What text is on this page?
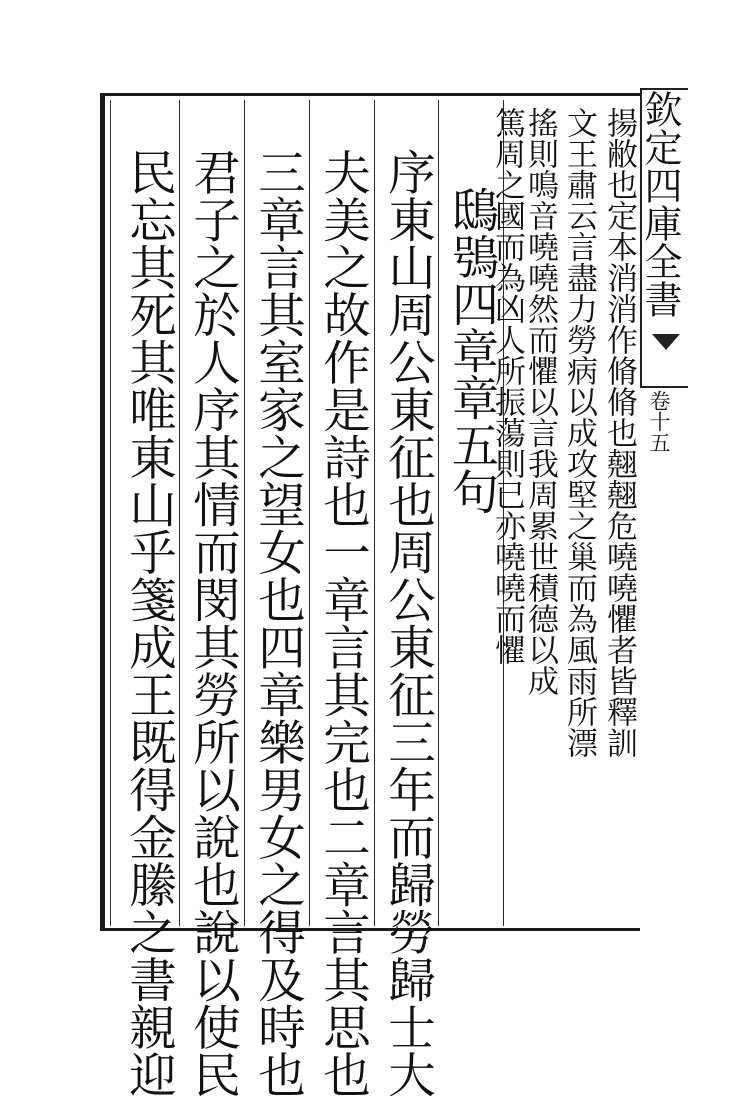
欽定四庫全書
卷十五
揚敝也定本消消作脩脩也翹翹危嘵嘵懼者皆釋訓
文王肅云言盡力勞病以成攻堅之巢而為風雨所漂
搖則鳴音嘵嘵然而懼以言我周累世積德以成
篤周之國而為凶人所振蕩則已亦嘵嘵而懼
鴟鴞四章章五句
序東山周公東征也周公東征三年而歸勞歸士大
夫美之故作是詩也一章言其完也二章言其思也
三章言其室家之望女也四章樂男女之得及時也
君子之於人序其情而閔其勞所以說也說以使民
民忘其死其唯東山乎箋成王既得金縢之書親迎
